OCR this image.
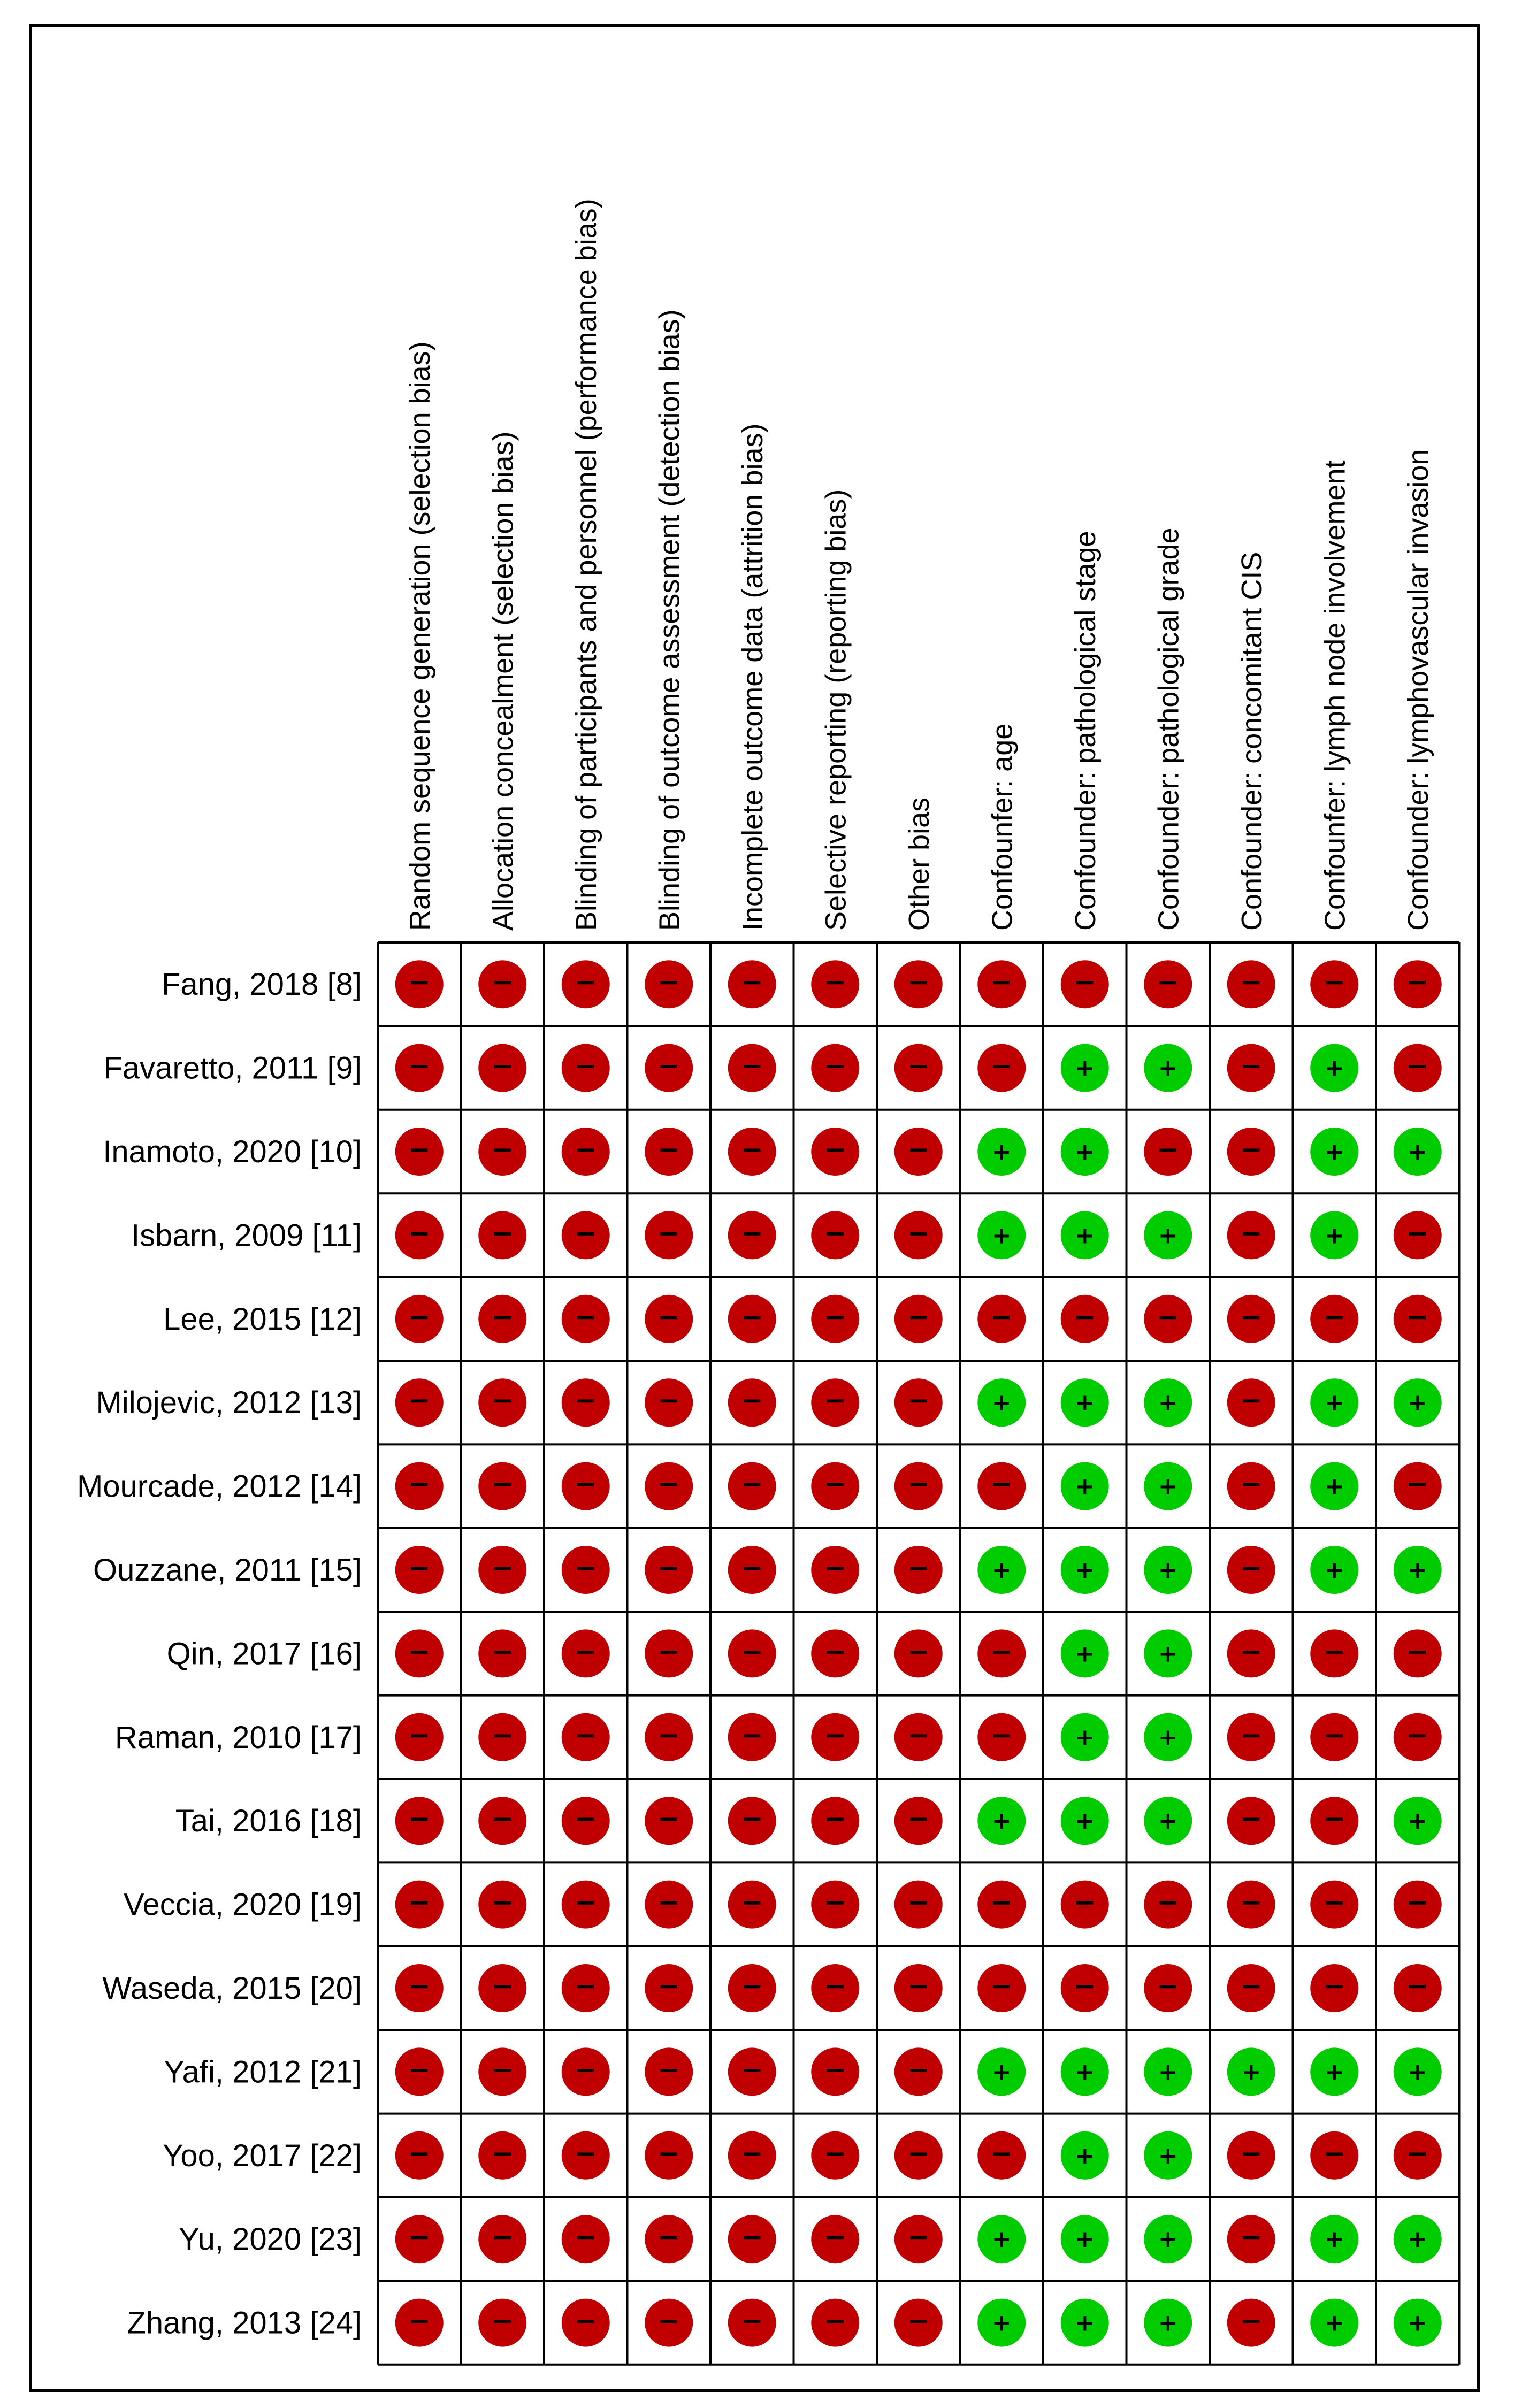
Random sequence generation (selection bias) Allocation concealment (selection bias) Blinding of participants and personnel (performance bias) Blinding of outcome assessment (detection bias) Incomplete outcome data (attrition bias) Selective reporting (reporting bias) Other bias Confounfer: age Confounder: pathological stage Confounder: pathological grade Confounder: concomitant CIS Confounfer: lymph node involvement Confounder: lymphovascular invasion
Fang, 2018 [8] − − − − − − − − − − − − −
Favaretto, 2011 [9] − − − − − − − −	+	+ −	+ −
Inamoto, 2020 [10] − − − − − − −	+	+ − −	+	+
Isbarn, 2009 [11] − − − − − − −	+	+	+ −	+ −
Lee, 2015 [12] − − − − − − − − − − − − −
Milojevic, 2012 [13] − − − − − − −	+	+	+ −	+	+
Mourcade, 2012 [14] − − − − − − − −	+	+ −	+ −
Ouzzane, 2011 [15] − − − − − − −	+	+	+ −	+	+
Qin, 2017 [16] − − − − − − − −	+	+ − − −
Raman, 2010 [17] − − − − − − − −	+	+ − − −
Tai, 2016 [18] − − − − − − −	+	+	+ − −	+
Veccia, 2020 [19] − − − − − − − − − − − − −
Waseda, 2015 [20] − − − − − − − − − − − − −
Yafi, 2012 [21] − − − − − − −	+	+	+	+	+	+
Yoo, 2017 [22] − − − − − − − −	+	+ − − −
Yu, 2020 [23] − − − − − − −	+	+	+ −	+	+
Zhang, 2013 [24] − − − − − − −	+	+	+ −	+	+
